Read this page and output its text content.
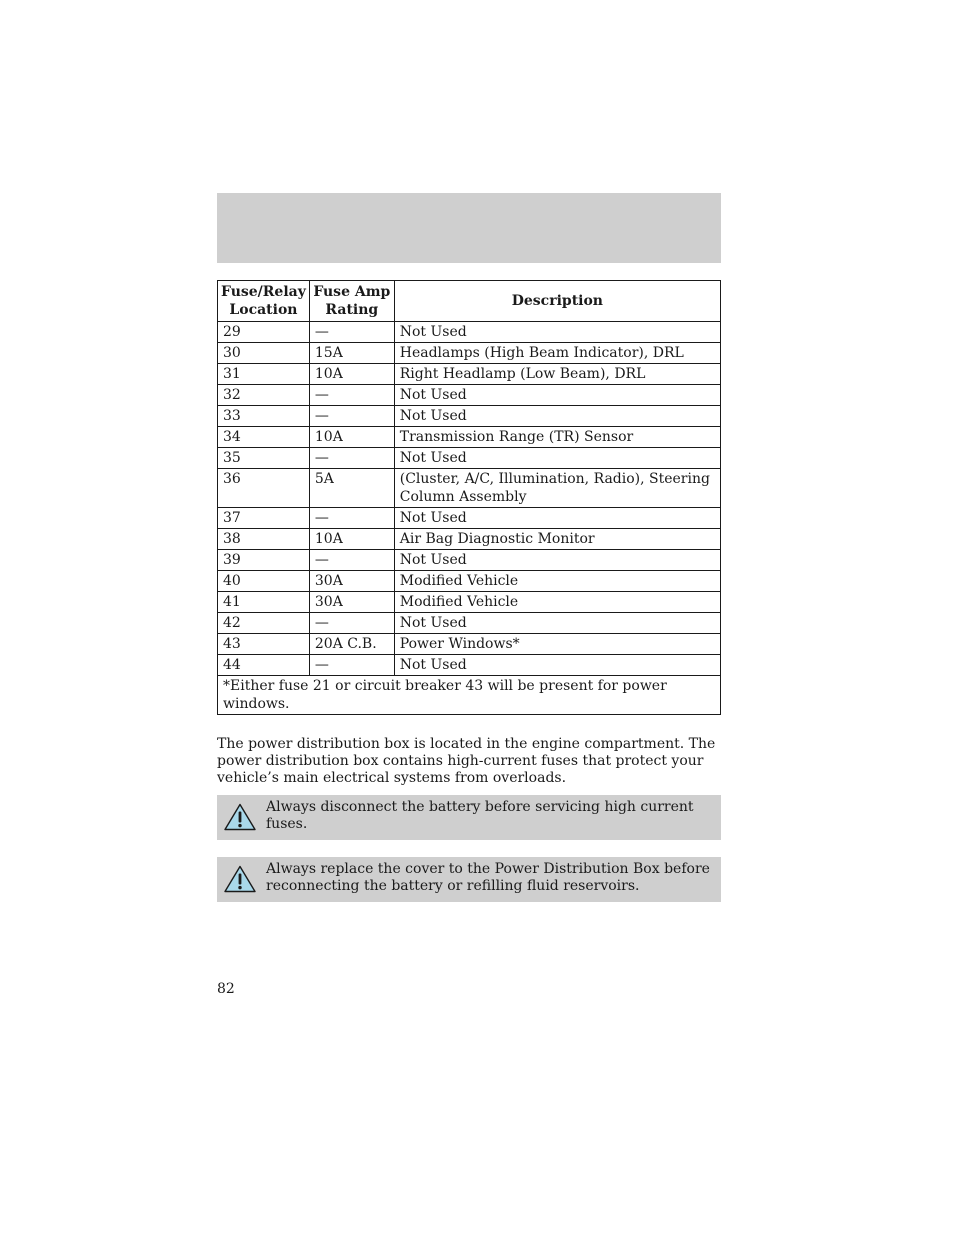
Fuse/Relay Location	Fuse Amp Rating	Description
29	—	Not Used
30	15A	Headlamps (High Beam Indicator), DRL
31	10A	Right Headlamp (Low Beam), DRL
32	—	Not Used
33	—	Not Used
34	10A	Transmission Range (TR) Sensor
35	—	Not Used
36	5A	(Cluster, A/C, Illumination, Radio), Steering Column Assembly
37	—	Not Used
38	10A	Air Bag Diagnostic Monitor
39	—	Not Used
40	30A	Modified Vehicle
41	30A	Modified Vehicle
42	—	Not Used
43	20A C.B.	Power Windows*
44	—	Not Used
*Either fuse 21 or circuit breaker 43 will be present for power windows.		

The power distribution box is located in the engine compartment. The power distribution box contains high-current fuses that protect your vehicle’s main electrical systems from overloads.

Always disconnect the battery before servicing high current fuses.
Always replace the cover to the Power Distribution Box before reconnecting the battery or refilling fluid reservoirs.
82
